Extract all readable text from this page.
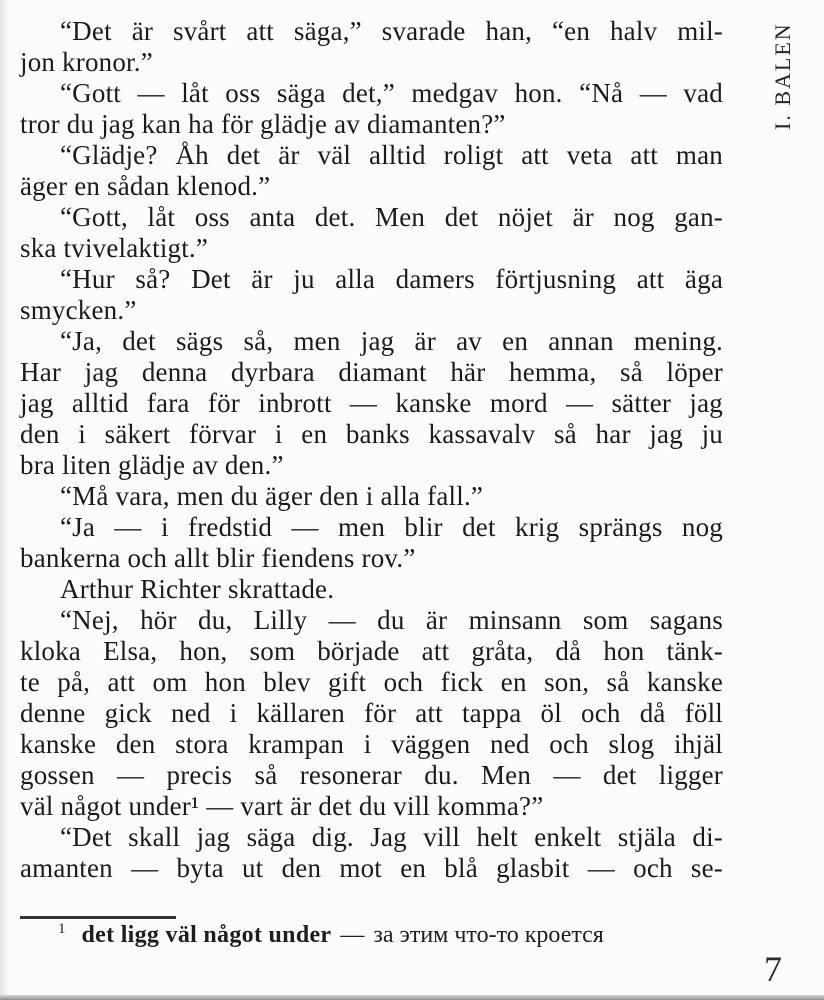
I. BALEN
“Det är svårt att säga,” svarade han, “en halv mil-
jon kronor.”
“Gott — låt oss säga det,” medgav hon. “Nå — vad
tror du jag kan ha för glädje av diamanten?”
“Glädje? Åh det är väl alltid roligt att veta att man
äger en sådan klenod.”
“Gott, låt oss anta det. Men det nöjet är nog gan-
ska tvivelaktigt.”
“Hur så? Det är ju alla damers förtjusning att äga
smycken.”
“Ja, det sägs så, men jag är av en annan mening.
Har jag denna dyrbara diamant här hemma, så löper
jag alltid fara för inbrott — kanske mord — sätter jag
den i säkert förvar i en banks kassavalv så har jag ju
bra liten glädje av den.”
“Må vara, men du äger den i alla fall.”
“Ja — i fredstid — men blir det krig sprängs nog
bankerna och allt blir fiendens rov.”
Arthur Richter skrattade.
“Nej, hör du, Lilly — du är minsann som sagans
kloka Elsa, hon, som började att gråta, då hon tänk-
te på, att om hon blev gift och fick en son, så kanske
denne gick ned i källaren för att tappa öl och då föll
kanske den stora krampan i väggen ned och slog ihjäl
gossen — precis så resonerar du. Men — det ligger
väl något under¹ — vart är det du vill komma?”
“Det skall jag säga dig. Jag vill helt enkelt stjäla di-
amanten — byta ut den mot en blå glasbit — och se-
$^1$ det ligg väl något under — за этим что-то кроется
7
